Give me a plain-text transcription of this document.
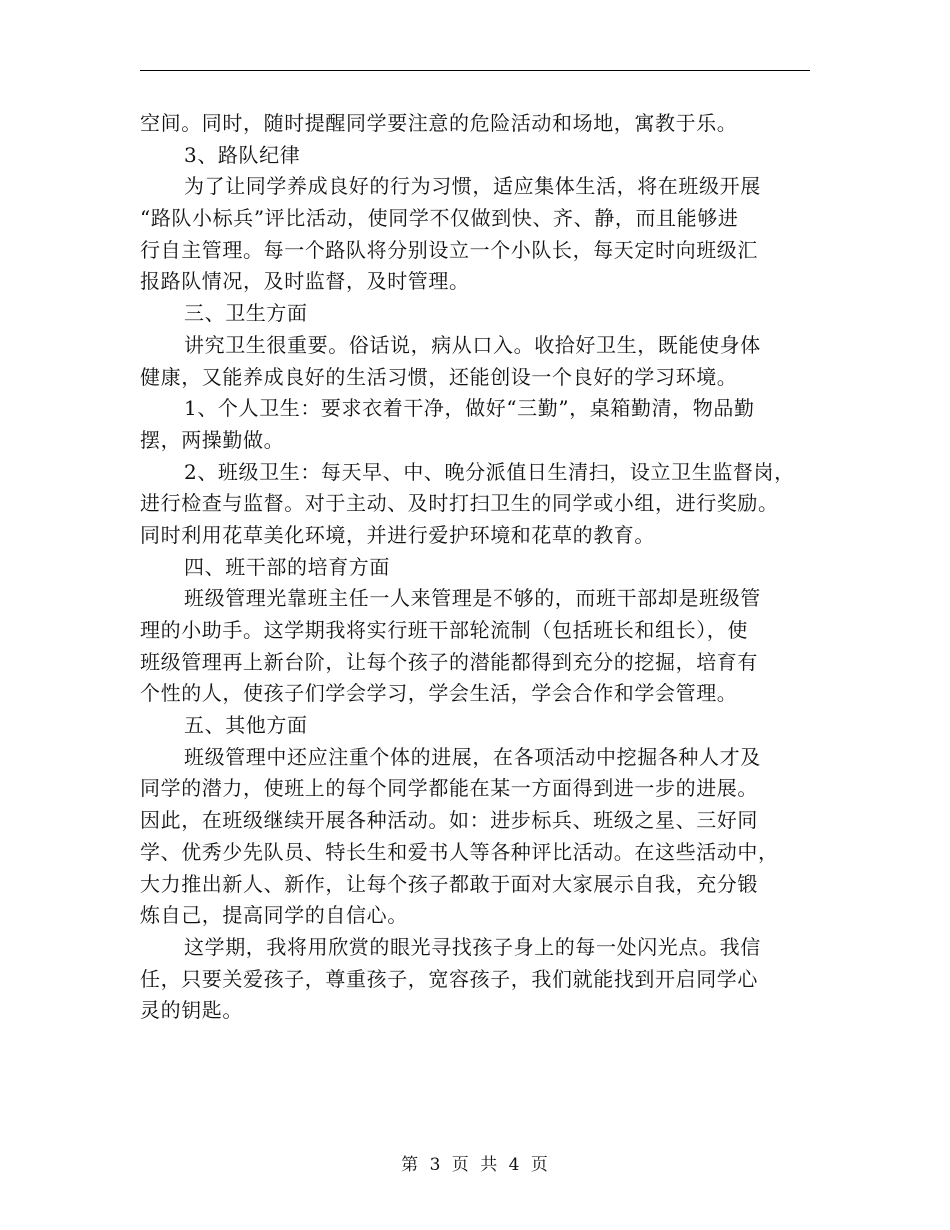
空间。同时，随时提醒同学要注意的危险活动和场地，寓教于乐。
3、路队纪律
为了让同学养成良好的行为习惯，适应集体生活，将在班级开展
“路队小标兵”评比活动，使同学不仅做到快、齐、静，而且能够进
行自主管理。每一个路队将分别设立一个小队长，每天定时向班级汇
报路队情况，及时监督，及时管理。
三、卫生方面
讲究卫生很重要。俗话说，病从口入。收拾好卫生，既能使身体
健康，又能养成良好的生活习惯，还能创设一个良好的学习环境。
1、个人卫生：要求衣着干净，做好“三勤”，桌箱勤清，物品勤
摆，两操勤做。
2、班级卫生：每天早、中、晚分派值日生清扫，设立卫生监督岗，
进行检查与监督。对于主动、及时打扫卫生的同学或小组，进行奖励。
同时利用花草美化环境，并进行爱护环境和花草的教育。
四、班干部的培育方面
班级管理光靠班主任一人来管理是不够的，而班干部却是班级管
理的小助手。这学期我将实行班干部轮流制（包括班长和组长），使
班级管理再上新台阶，让每个孩子的潜能都得到充分的挖掘，培育有
个性的人，使孩子们学会学习，学会生活，学会合作和学会管理。
五、其他方面
班级管理中还应注重个体的进展，在各项活动中挖掘各种人才及
同学的潜力，使班上的每个同学都能在某一方面得到进一步的进展。
因此，在班级继续开展各种活动。如：进步标兵、班级之星、三好同
学、优秀少先队员、特长生和爱书人等各种评比活动。在这些活动中，
大力推出新人、新作，让每个孩子都敢于面对大家展示自我，充分锻
炼自己，提高同学的自信心。
这学期，我将用欣赏的眼光寻找孩子身上的每一处闪光点。我信
任，只要关爱孩子，尊重孩子，宽容孩子，我们就能找到开启同学心
灵的钥匙。
第 3 页 共 4 页
